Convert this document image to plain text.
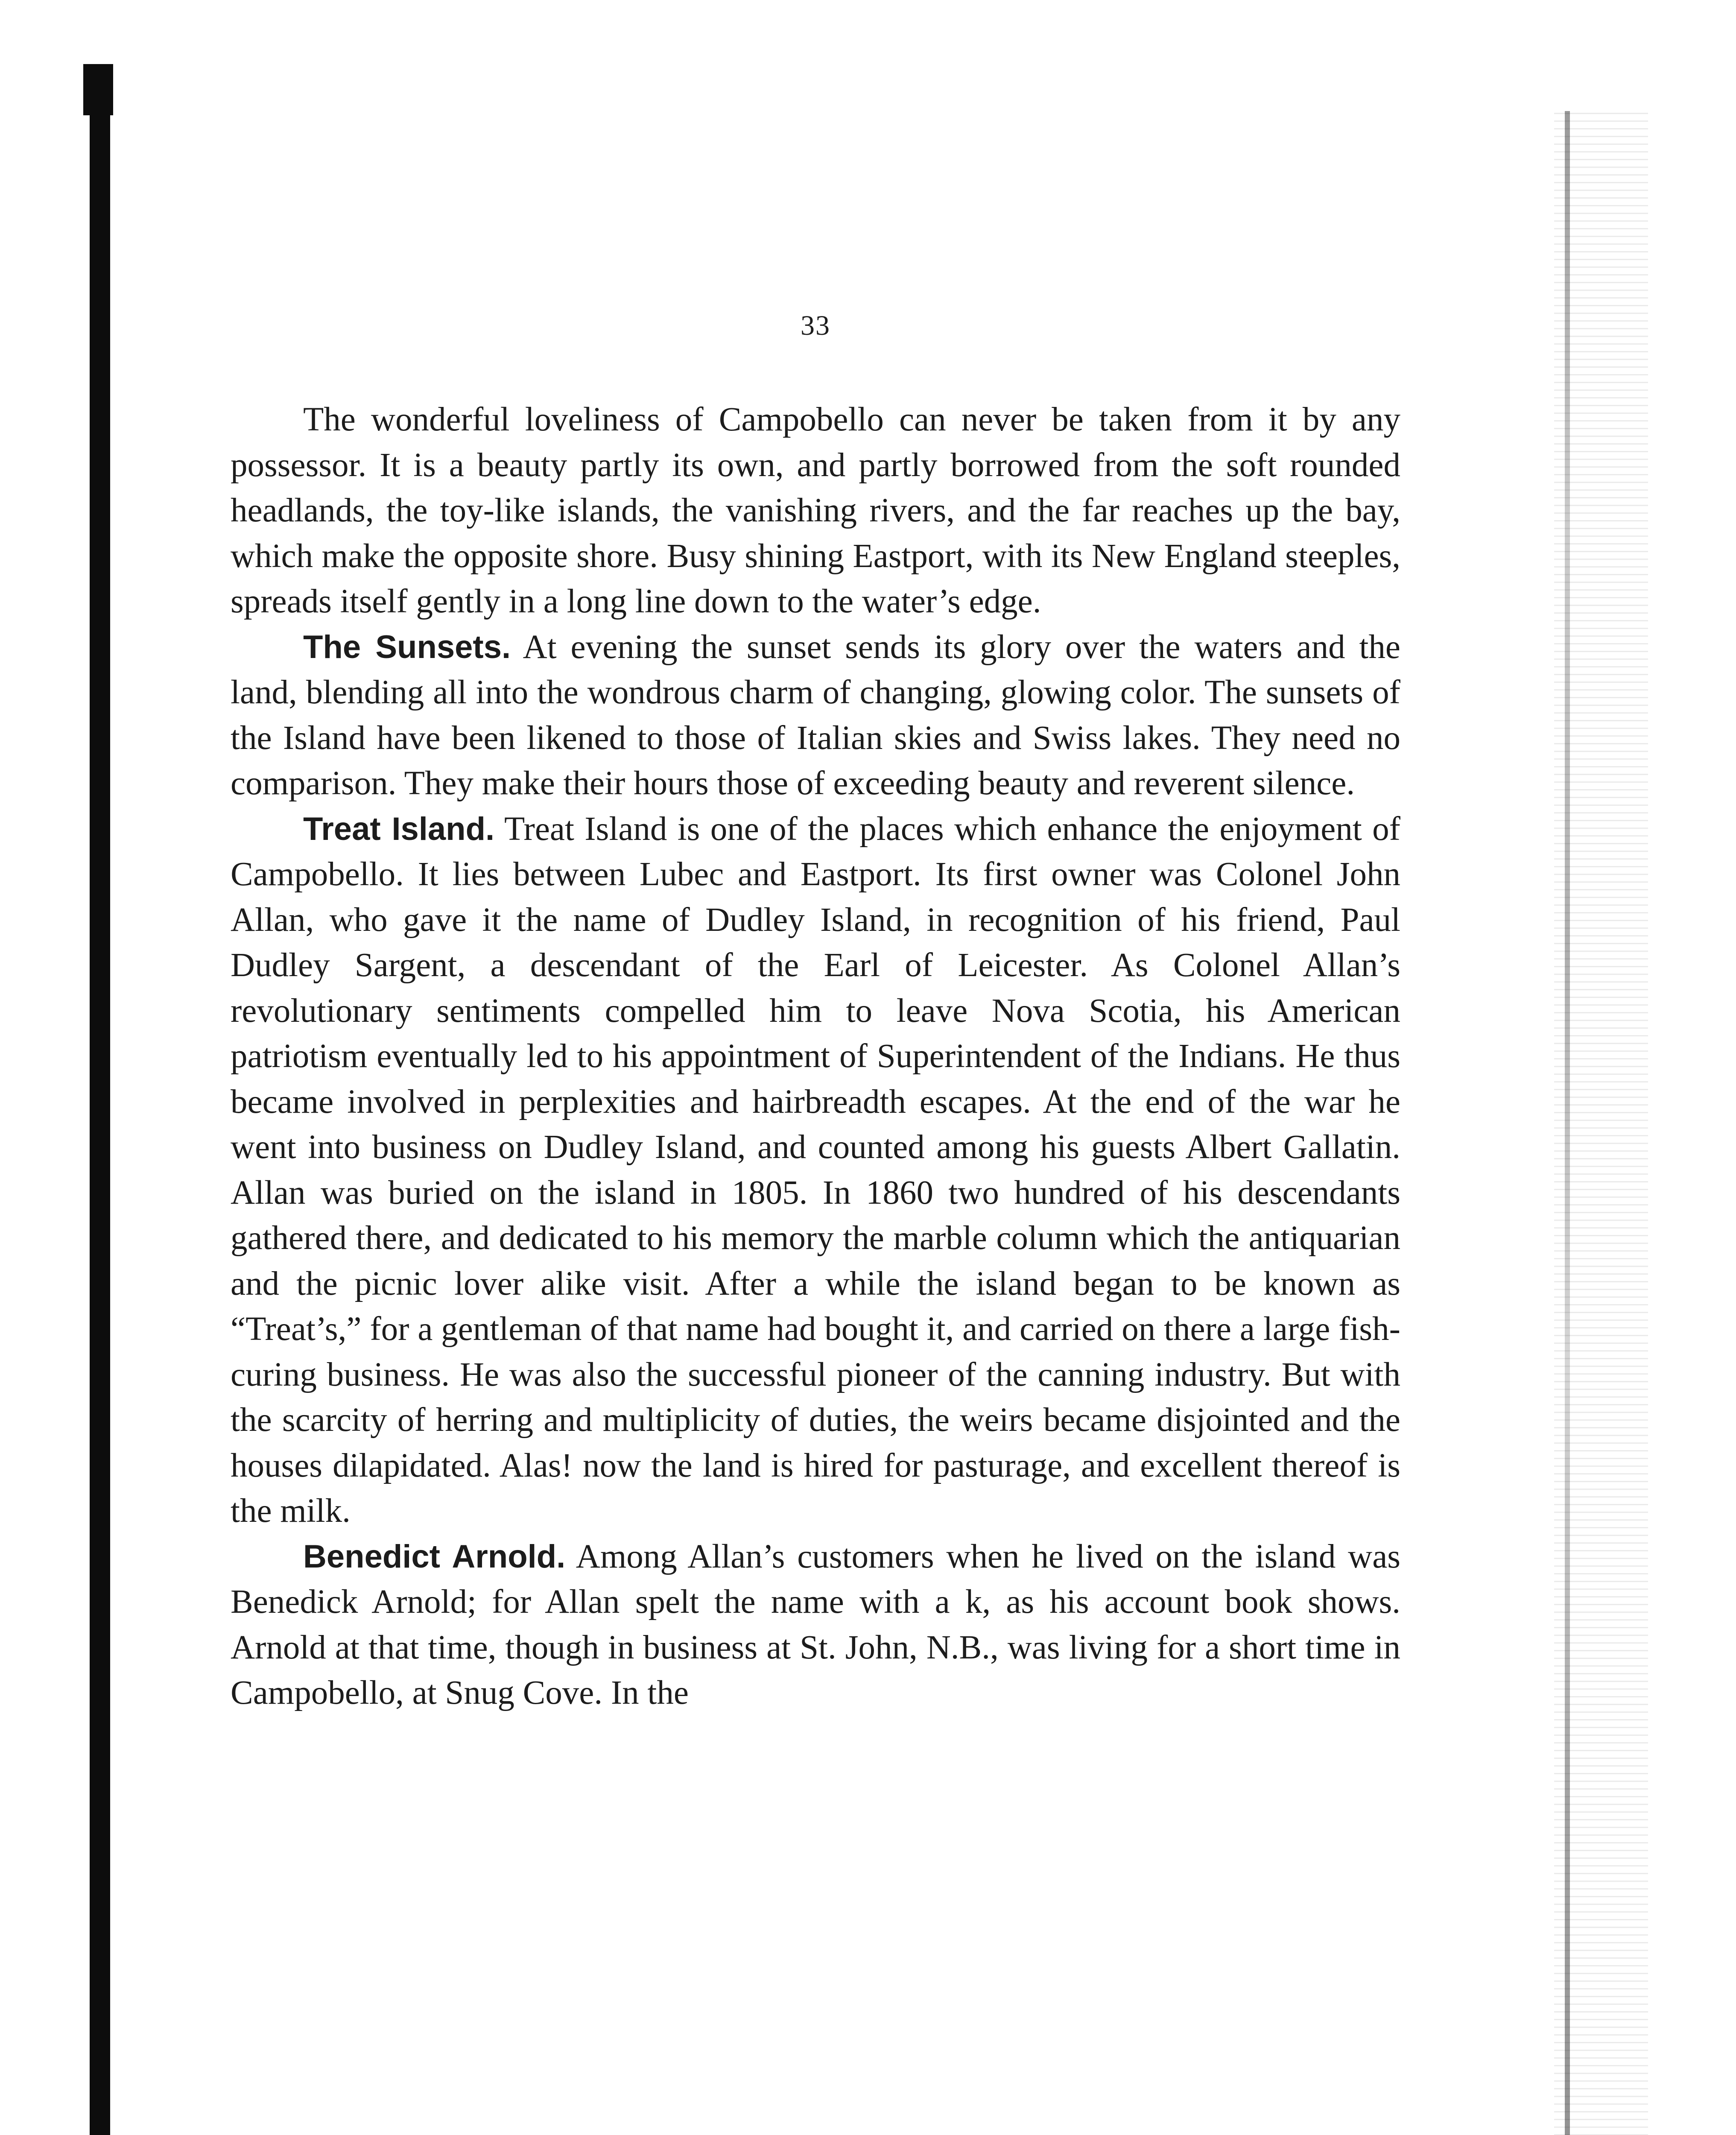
33

The wonderful loveliness of Campobello can never be taken from it by any possessor. It is a beauty partly its own, and partly borrowed from the soft rounded headlands, the toy-like islands, the vanishing rivers, and the far reaches up the bay, which make the opposite shore. Busy shining Eastport, with its New England steeples, spreads itself gently in a long line down to the water’s edge.

The Sunsets. At evening the sunset sends its glory over the waters and the land, blending all into the wondrous charm of changing, glowing color. The sunsets of the Island have been likened to those of Italian skies and Swiss lakes. They need no comparison. They make their hours those of exceeding beauty and reverent silence.

Treat Island. Treat Island is one of the places which enhance the enjoyment of Campobello. It lies between Lubec and Eastport. Its first owner was Colonel John Allan, who gave it the name of Dudley Island, in recognition of his friend, Paul Dudley Sargent, a descendant of the Earl of Leicester. As Colonel Allan’s revolutionary sentiments compelled him to leave Nova Scotia, his American patriotism eventually led to his appointment of Superintendent of the Indians. He thus became involved in perplexities and hairbreadth escapes. At the end of the war he went into business on Dudley Island, and counted among his guests Albert Gallatin. Allan was buried on the island in 1805. In 1860 two hundred of his descendants gathered there, and dedicated to his memory the marble column which the antiquarian and the picnic lover alike visit. After a while the island began to be known as “Treat’s,” for a gentleman of that name had bought it, and carried on there a large fish-curing business. He was also the successful pioneer of the canning industry. But with the scarcity of herring and multiplicity of duties, the weirs became disjointed and the houses dilapidated. Alas! now the land is hired for pasturage, and excellent thereof is the milk.

Benedict Arnold. Among Allan’s customers when he lived on the island was Benedick Arnold; for Allan spelt the name with a k, as his account book shows. Arnold at that time, though in business at St. John, N.B., was living for a short time in Campobello, at Snug Cove. In the
